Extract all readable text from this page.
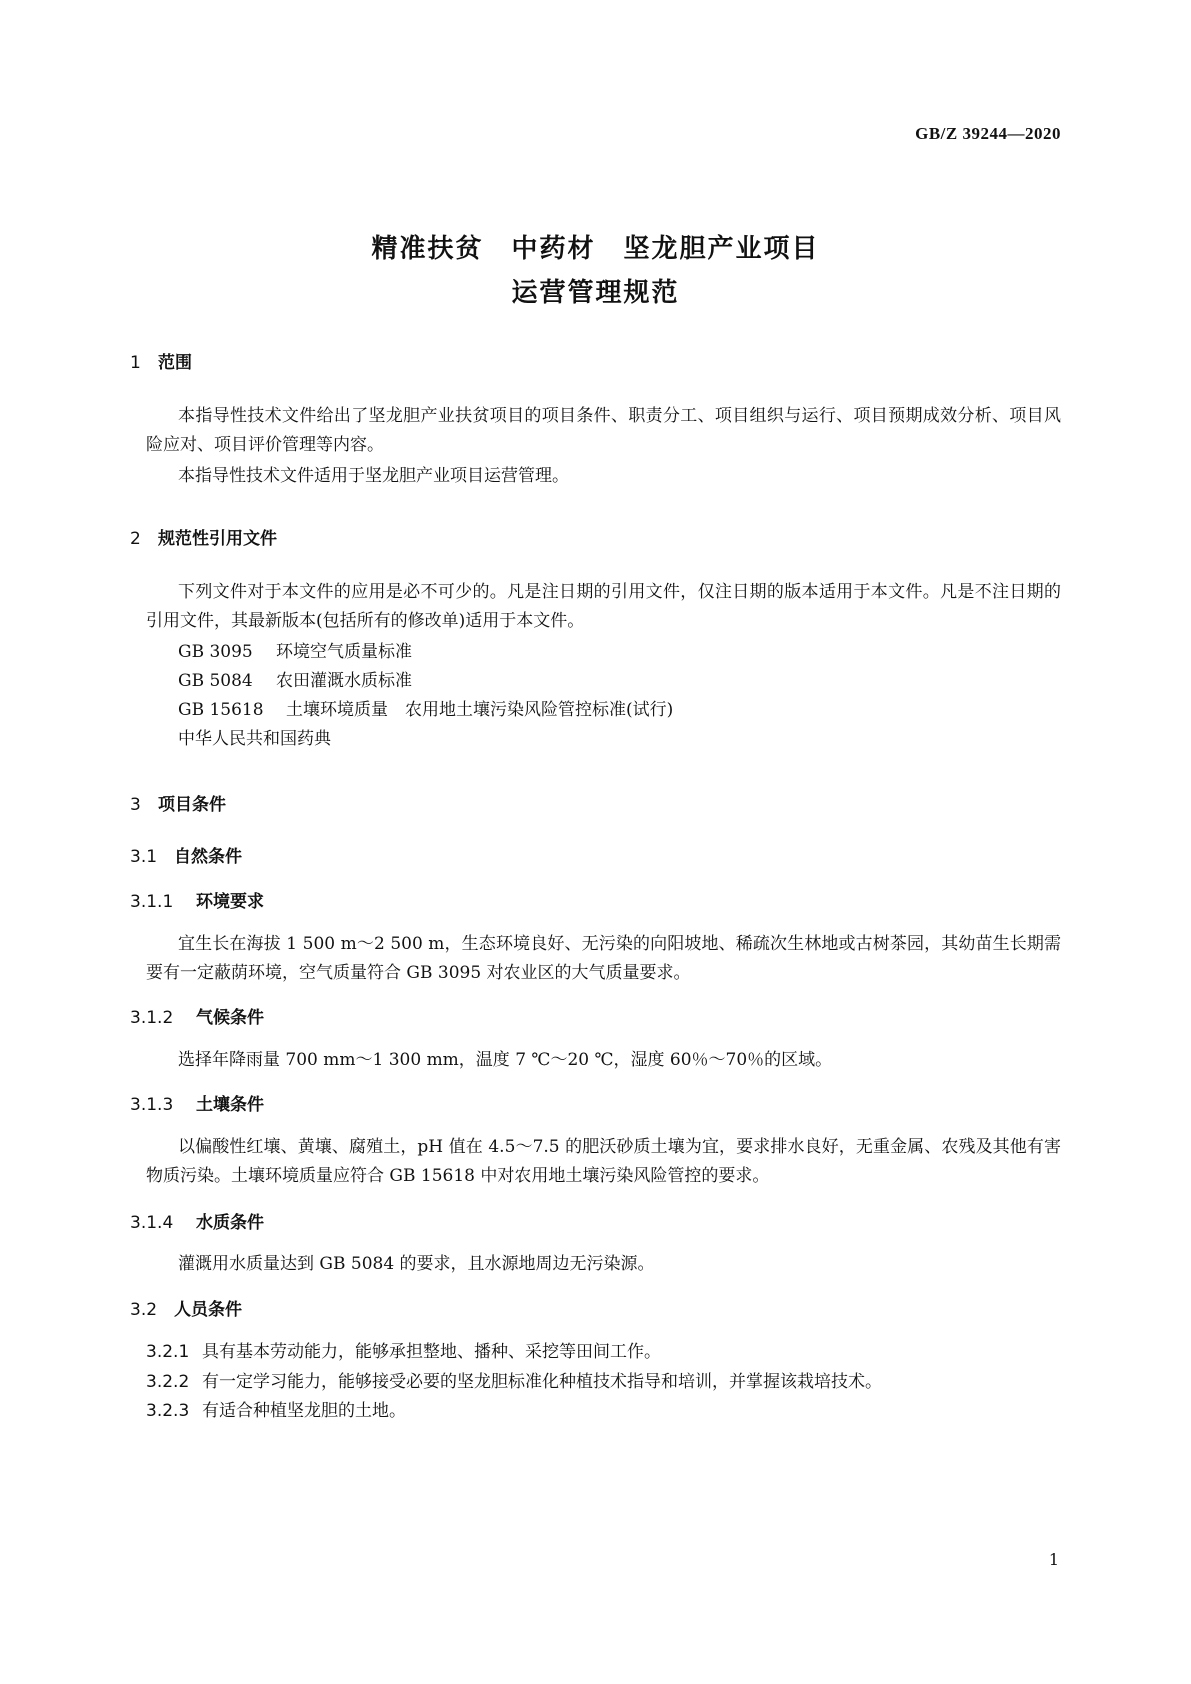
GB/Z 39244—2020
精准扶贫　中药材　坚龙胆产业项目
运营管理规范
1 范围
本指导性技术文件给出了坚龙胆产业扶贫项目的项目条件、职责分工、项目组织与运行、项目预期成效分析、项目风险应对、项目评价管理等内容。
本指导性技术文件适用于坚龙胆产业项目运营管理。
2 规范性引用文件
下列文件对于本文件的应用是必不可少的。凡是注日期的引用文件，仅注日期的版本适用于本文件。凡是不注日期的引用文件，其最新版本(包括所有的修改单)适用于本文件。
GB 3095 环境空气质量标准
GB 5084 农田灌溉水质标准
GB 15618 土壤环境质量　农用地土壤污染风险管控标准(试行)
中华人民共和国药典
3 项目条件
3.1 自然条件
3.1.1 环境要求
宜生长在海拔 1 500 m～2 500 m，生态环境良好、无污染的向阳坡地、稀疏次生林地或古树茶园，其幼苗生长期需要有一定蔽荫环境，空气质量符合 GB 3095 对农业区的大气质量要求。
3.1.2 气候条件
选择年降雨量 700 mm～1 300 mm，温度 7 ℃～20 ℃，湿度 60％～70％的区域。
3.1.3 土壤条件
以偏酸性红壤、黄壤、腐殖土，pH 值在 4.5～7.5 的肥沃砂质土壤为宜，要求排水良好，无重金属、农残及其他有害物质污染。土壤环境质量应符合 GB 15618 中对农用地土壤污染风险管控的要求。
3.1.4 水质条件
灌溉用水质量达到 GB 5084 的要求，且水源地周边无污染源。
3.2 人员条件
3.2.1 具有基本劳动能力，能够承担整地、播种、采挖等田间工作。
3.2.2 有一定学习能力，能够接受必要的坚龙胆标准化种植技术指导和培训，并掌握该栽培技术。
3.2.3 有适合种植坚龙胆的土地。
1
